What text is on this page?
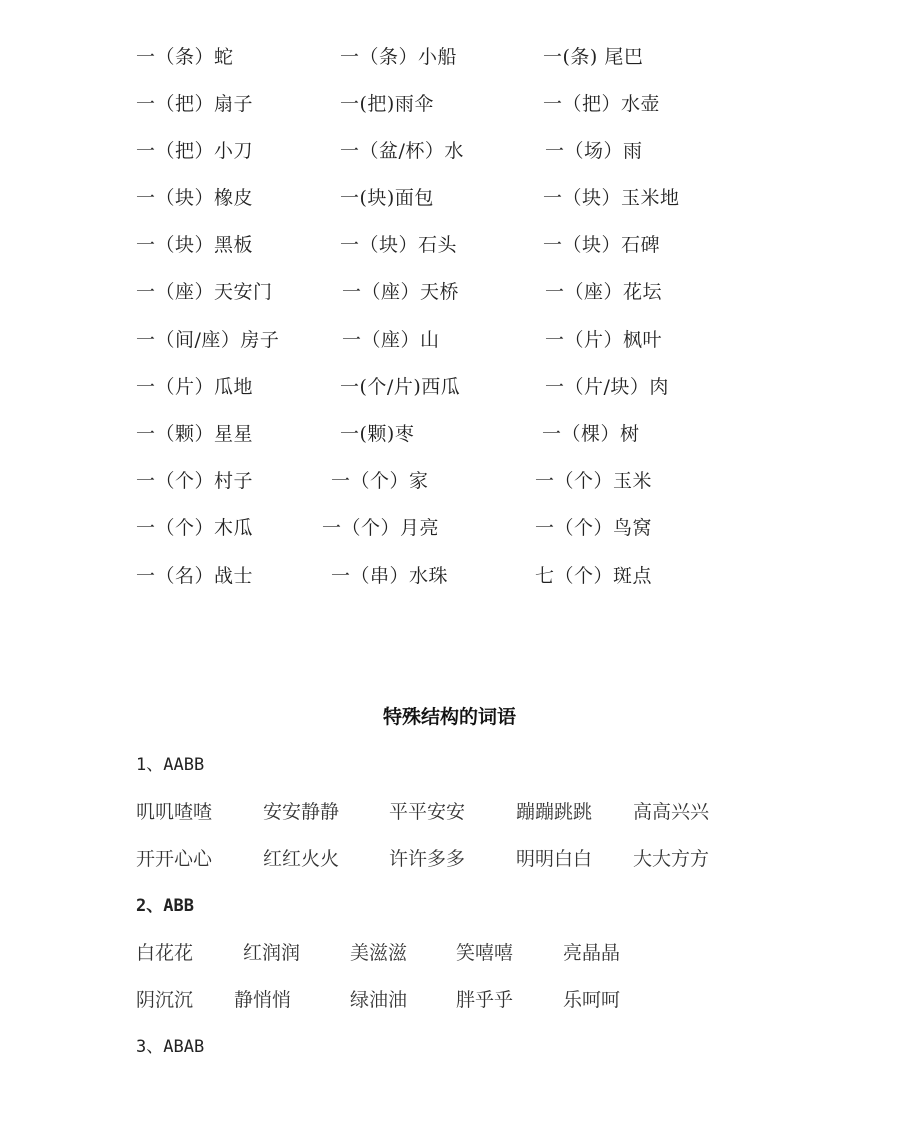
一（条）蛇	一（条）小船	一(条) 尾巴
一（把）扇子	一(把)雨伞	一（把）水壶
一（把）小刀	一（盆/杯）水	一（场）雨
一（块）橡皮	一(块)面包	一（块）玉米地
一（块）黑板	一（块）石头	一（块）石碑
一（座）天安门	一（座）天桥	一（座）花坛
一（间/座）房子	一（座）山	一（片）枫叶
一（片）瓜地	一(个/片)西瓜	一（片/块）肉
一（颗）星星	一(颗)枣	一（棵）树
一（个）村子	一（个）家	一（个）玉米
一（个）木瓜	一（个）月亮	一（个）鸟窝
一（名）战士	一（串）水珠	七（个）斑点
特殊结构的词语
1、AABB
叽叽喳喳	安安静静	平平安安	蹦蹦跳跳 高高兴兴
开开心心	红红火火	许许多多	明明白白 大大方方
2、ABB
白花花	红润润	美滋滋	笑嘻嘻	亮晶晶
阴沉沉 静悄悄	绿油油	胖乎乎	乐呵呵
3、ABAB
